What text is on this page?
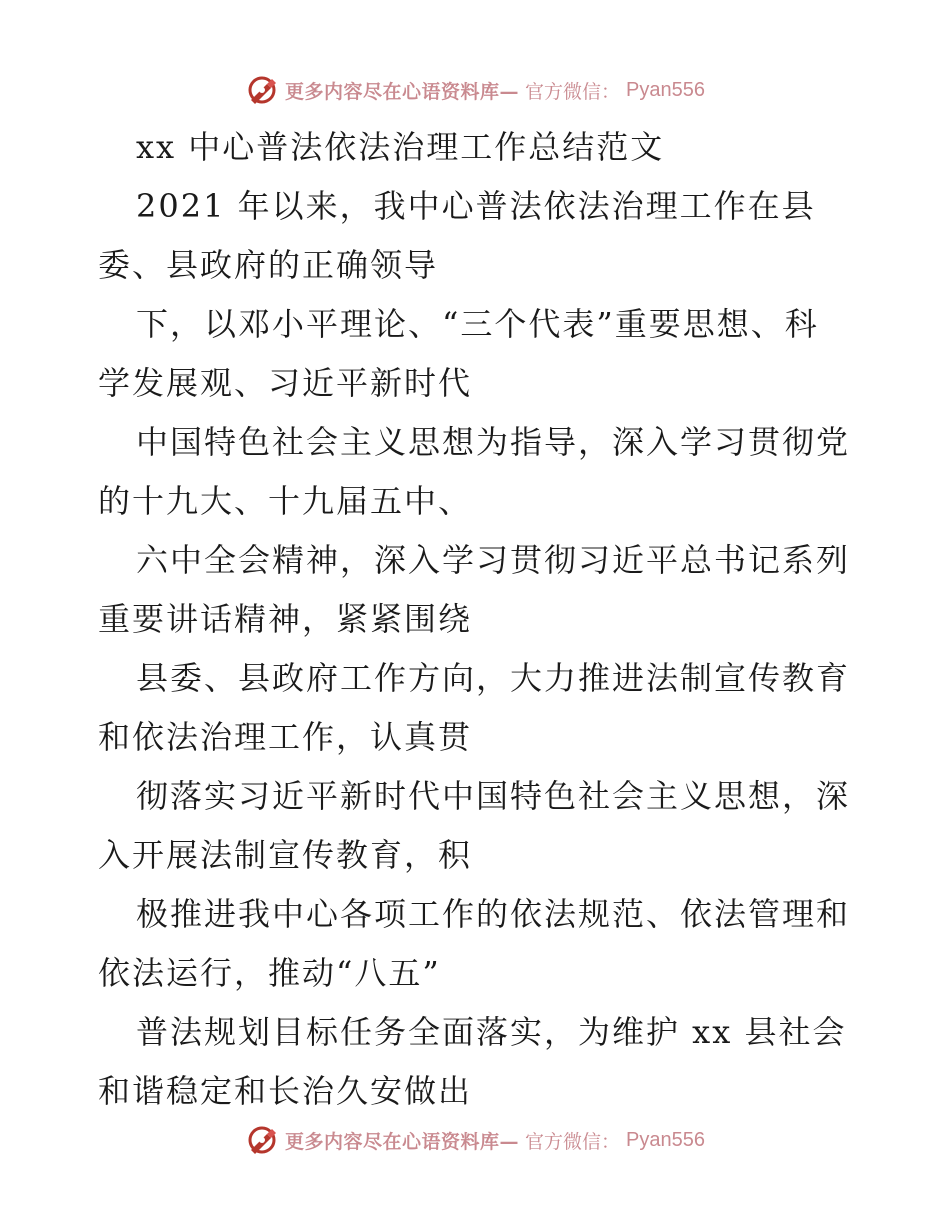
更多内容尽在心语资料库— 官方微信： Pyan556
xx 中心普法依法治理工作总结范文
2021 年以来，我中心普法依法治理工作在县
委、县政府的正确领导
下，以邓小平理论、“三个代表”重要思想、科
学发展观、习近平新时代
中国特色社会主义思想为指导，深入学习贯彻党
的十九大、十九届五中、
六中全会精神，深入学习贯彻习近平总书记系列
重要讲话精神，紧紧围绕
县委、县政府工作方向，大力推进法制宣传教育
和依法治理工作，认真贯
彻落实习近平新时代中国特色社会主义思想，深
入开展法制宣传教育，积
极推进我中心各项工作的依法规范、依法管理和
依法运行，推动“八五”
普法规划目标任务全面落实，为维护 xx 县社会
和谐稳定和长治久安做出
更多内容尽在心语资料库— 官方微信： Pyan556
